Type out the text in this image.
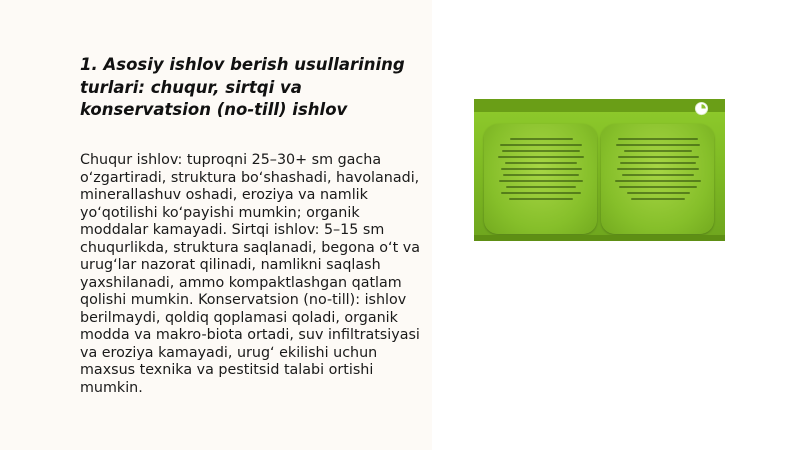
1. Asosiy ishlov berish usullarining turlari: chuqur, sirtqi va konservatsion (no-till) ishlov

Chuqur ishlov: tuproqni 25–30+ sm gacha oʻzgartiradi, struktura boʻshashadi, havolanadi, minerallashuv oshadi, eroziya va namlik yoʻqotilishi koʻpayishi mumkin; organik moddalar kamayadi. Sirtqi ishlov: 5–15 sm chuqurlikda, struktura saqlanadi, begona oʻt va urugʻlar nazorat qilinadi, namlikni saqlash yaxshilanadi, ammo kompaktlashgan qatlam qolishi mumkin. Konservatsion (no-till): ishlov berilmaydi, qoldiq qoplamasi qoladi, organik modda va makro-biota ortadi, suv infiltratsiyasi va eroziya kamayadi, urugʻ ekilishi uchun maxsus texnika va pestitsid talabi ortishi mumkin.
